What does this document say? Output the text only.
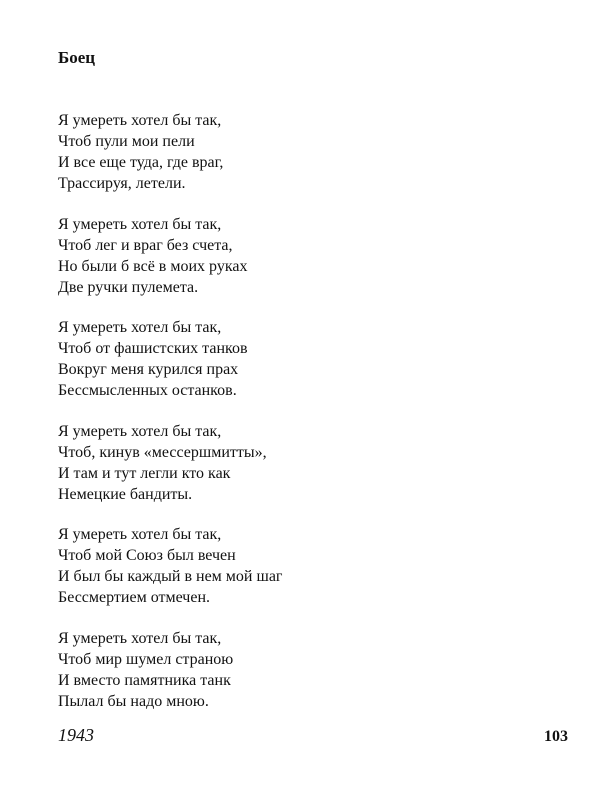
Боец
Я умереть хотел бы так,
Чтоб пули мои пели
И все еще туда, где враг,
Трассируя, летели.
Я умереть хотел бы так,
Чтоб лег и враг без счета,
Но были б всё в моих руках
Две ручки пулемета.
Я умереть хотел бы так,
Чтоб от фашистских танков
Вокруг меня курился прах
Бессмысленных останков.
Я умереть хотел бы так,
Чтоб, кинув «мессершмитты»,
И там и тут легли кто как
Немецкие бандиты.
Я умереть хотел бы так,
Чтоб мой Союз был вечен
И был бы каждый в нем мой шаг
Бессмертием отмечен.
Я умереть хотел бы так,
Чтоб мир шумел страною
И вместо памятника танк
Пылал бы надо мною.
1943	103
